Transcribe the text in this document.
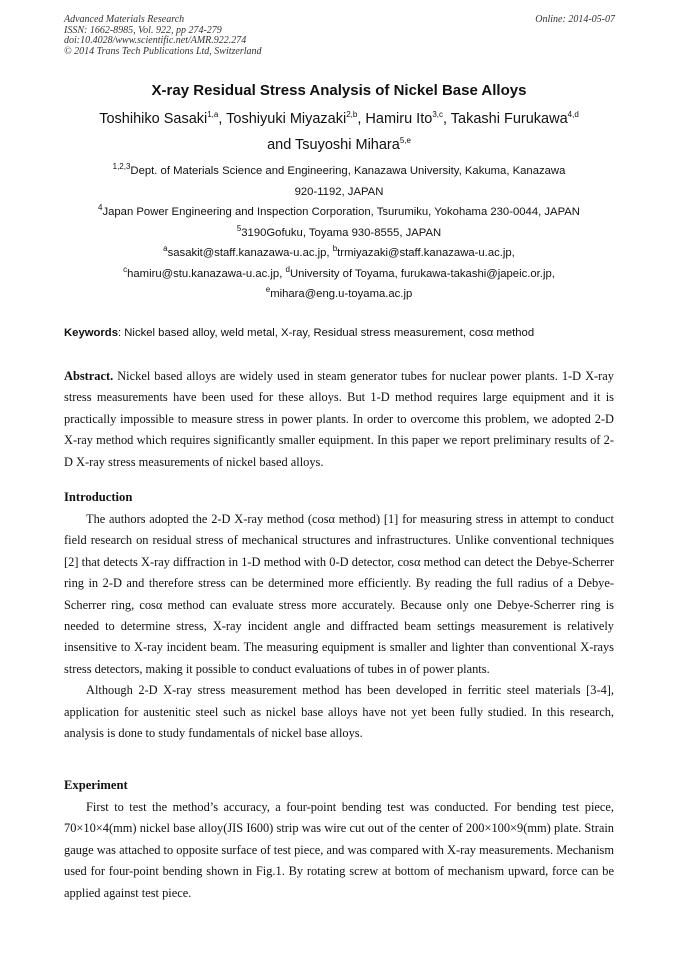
Advanced Materials Research
ISSN: 1662-8985, Vol. 922, pp 274-279
doi:10.4028/www.scientific.net/AMR.922.274
© 2014 Trans Tech Publications Ltd, Switzerland
Online: 2014-05-07
X-ray Residual Stress Analysis of Nickel Base Alloys
Toshihiko Sasaki$^{1,a}$, Toshiyuki Miyazaki$^{2,b}$, Hamiru Ito$^{3,c}$, Takashi Furukawa$^{4,d}$
and Tsuyoshi Mihara$^{5,e}$
$^{1,2,3}$Dept. of Materials Science and Engineering, Kanazawa University, Kakuma, Kanazawa
920-1192, JAPAN
$^4$Japan Power Engineering and Inspection Corporation, Tsurumiku, Yokohama 230-0044, JAPAN
$^5$3190Gofuku, Toyama 930-8555, JAPAN
$^a$sasakit@staff.kanazawa-u.ac.jp, $^b$trmiyazaki@staff.kanazawa-u.ac.jp,
$^c$hamiru@stu.kanazawa-u.ac.jp, $^d$University of Toyama, furukawa-takashi@japeic.or.jp,
$^e$mihara@eng.u-toyama.ac.jp
Keywords: Nickel based alloy, weld metal, X-ray, Residual stress measurement, cosα method

Abstract. Nickel based alloys are widely used in steam generator tubes for nuclear power plants. 1-D X-ray stress measurements have been used for these alloys. But 1-D method requires large equipment and it is practically impossible to measure stress in power plants. In order to overcome this problem, we adopted 2-D X-ray method which requires significantly smaller equipment. In this paper we report preliminary results of 2-D X-ray stress measurements of nickel based alloys.

Introduction

The authors adopted the 2-D X-ray method (cosα method) [1] for measuring stress in attempt to conduct field research on residual stress of mechanical structures and infrastructures. Unlike conventional techniques [2] that detects X-ray diffraction in 1-D method with 0-D detector, cosα method can detect the Debye-Scherrer ring in 2-D and therefore stress can be determined more efficiently. By reading the full radius of a Debye-Scherrer ring, cosα method can evaluate stress more accurately. Because only one Debye-Scherrer ring is needed to determine stress, X-ray incident angle and diffracted beam settings measurement is relatively insensitive to X-ray incident beam. The measuring equipment is smaller and lighter than conventional X-rays stress detectors, making it possible to conduct evaluations of tubes in of power plants.

Although 2-D X-ray stress measurement method has been developed in ferritic steel materials [3-4], application for austenitic steel such as nickel base alloys have not yet been fully studied. In this research, analysis is done to study fundamentals of nickel base alloys.

Experiment

First to test the method’s accuracy, a four-point bending test was conducted. For bending test piece, 70×10×4(mm) nickel base alloy(JIS I600) strip was wire cut out of the center of 200×100×9(mm) plate. Strain gauge was attached to opposite surface of test piece, and was compared with X-ray measurements. Mechanism used for four-point bending shown in Fig.1. By rotating screw at bottom of mechanism upward, force can be applied against test piece.
